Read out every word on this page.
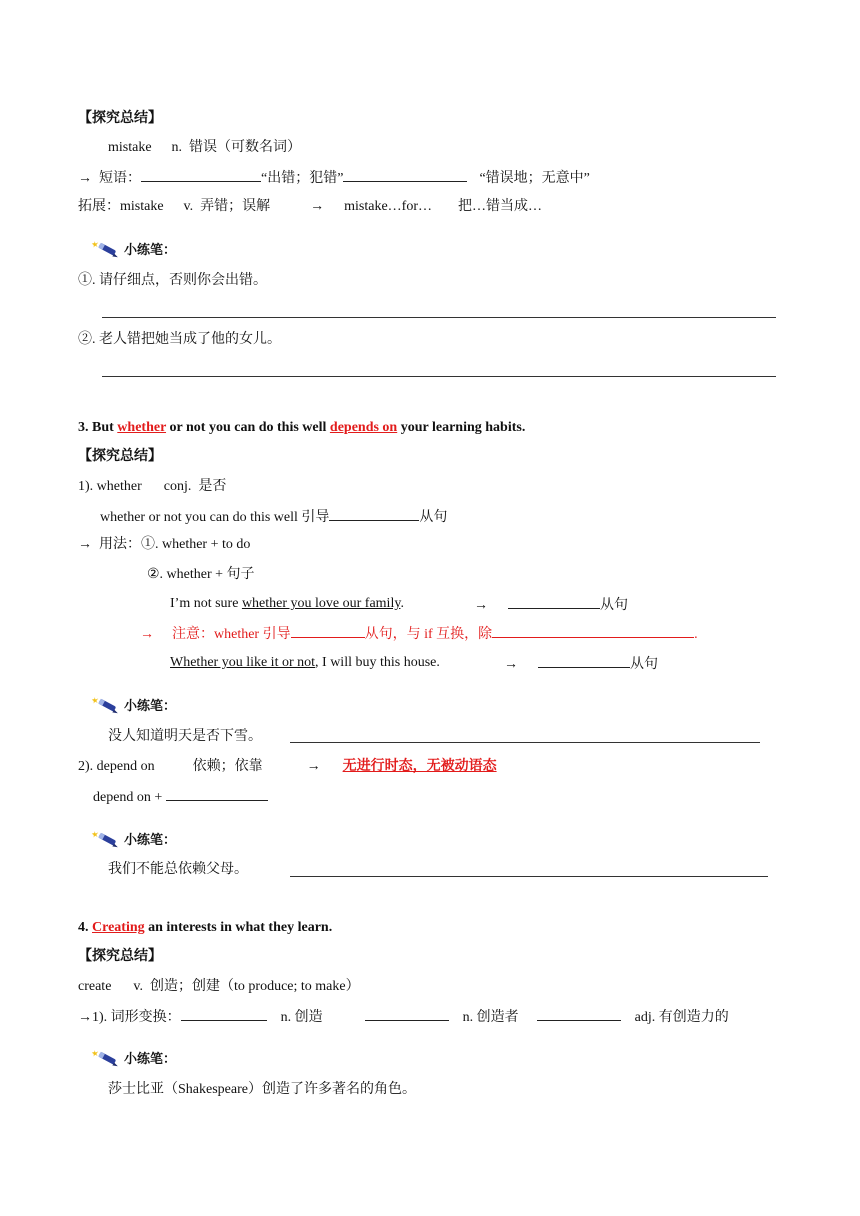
【探究总结】
mistake n. 错误（可数名词）
→ 短语：	“出错；犯错”	“错误地；无意中”
拓展：mistake v. 弄错；误解	→ mistake…for… 把…错当成…
小练笔：
①. 请仔细点，否则你会出错。
②. 老人错把她当成了他的女儿。
3. But whether or not you can do this well depends on your learning habits.
【探究总结】
1). whether conj. 是否
whether or not you can do this well 引导	从句
→ 用法：①. whether + to do
②. whether + 句子
I’m not sure whether you love our family.	→	从句
→ 注意：whether 引导	从句，与 if 互换，除	.
Whether you like it or not, I will buy this house.	→	从句
小练笔：
没人知道明天是否下雪。
2). depend on	依赖；依靠	→ 无进行时态，无被动语态
depend on +
小练笔：
我们不能总依赖父母。
4. Creating an interests in what they learn.
【探究总结】
create v. 创造；创建（to produce; to make）
→1). 词形变换：	n. 创造	n. 创造者	adj. 有创造力的
小练笔：
莎士比亚（Shakespeare）创造了许多著名的角色。
